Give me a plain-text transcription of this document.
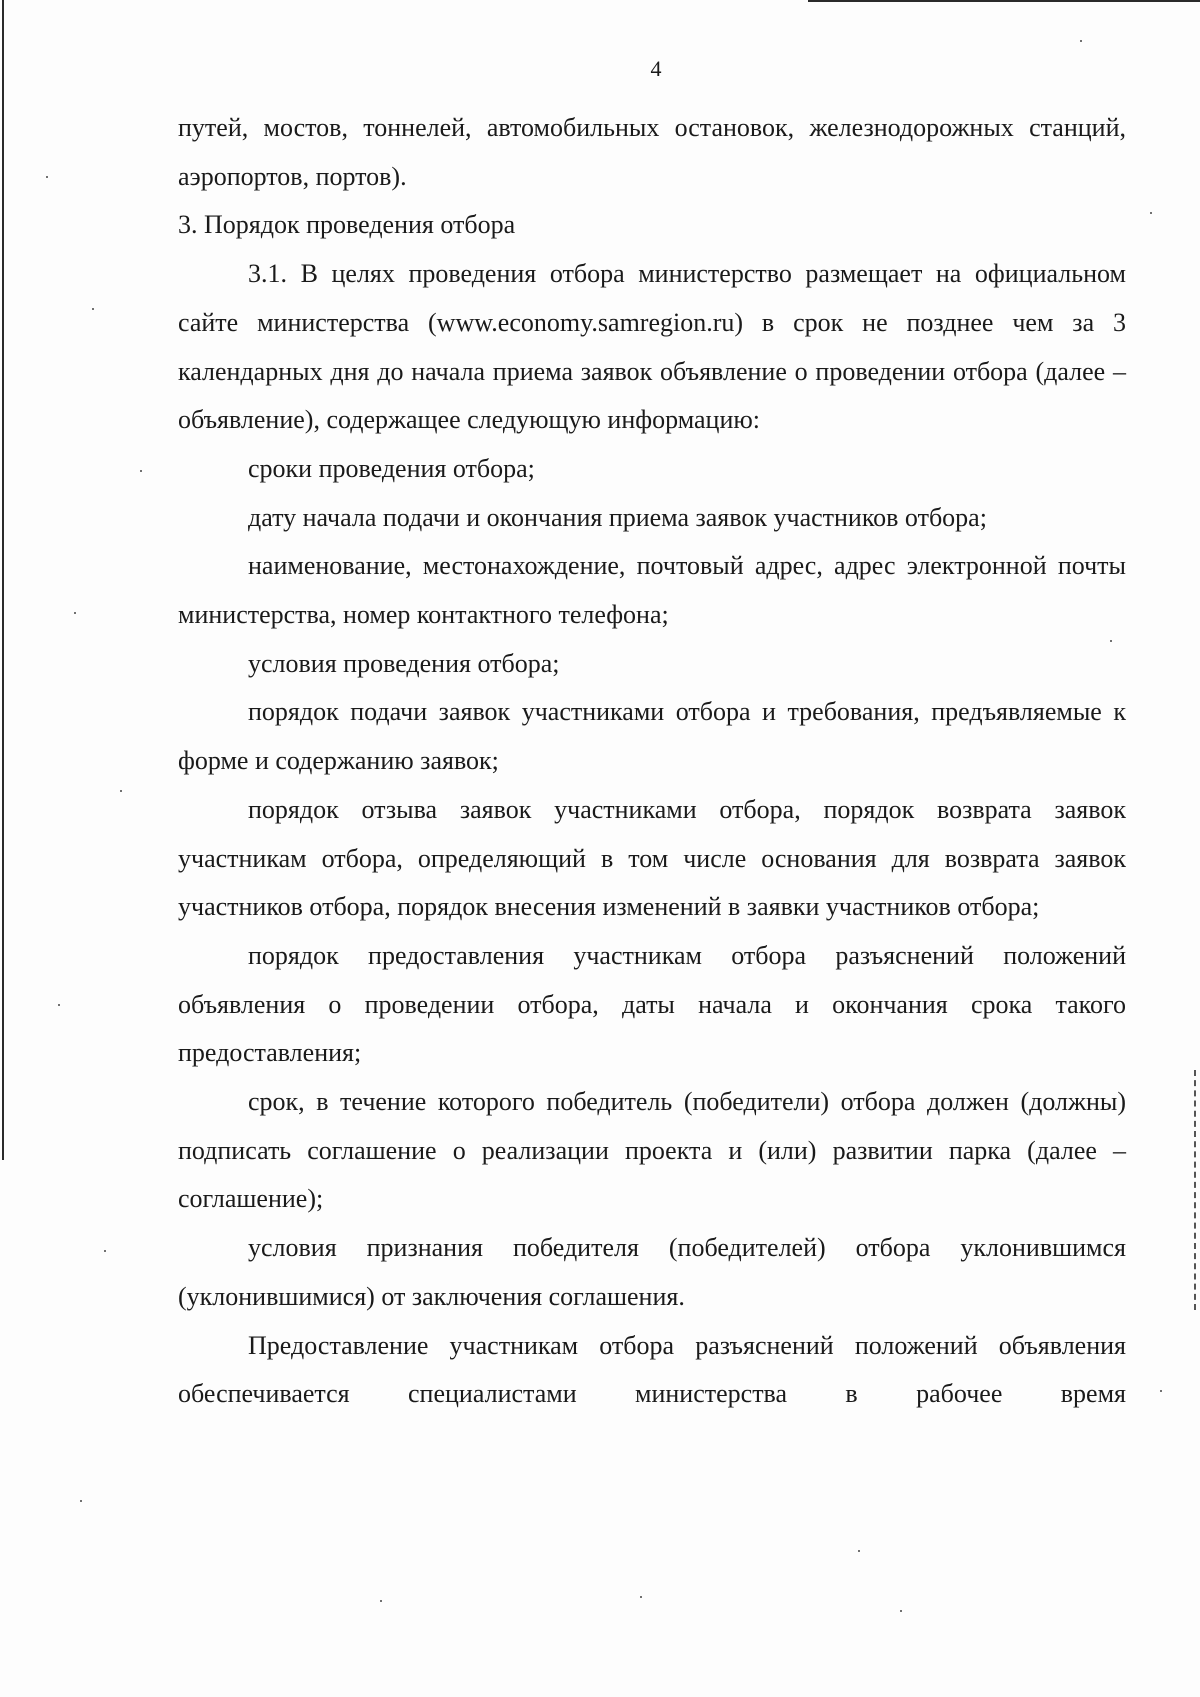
4

путей, мостов, тоннелей, автомобильных остановок, железнодорожных станций, аэропортов, портов).

3. Порядок проведения отбора

3.1. В целях проведения отбора министерство размещает на официальном сайте министерства (www.economy.samregion.ru) в срок не позднее чем за 3 календарных дня до начала приема заявок объявление о проведении отбора (далее – объявление), содержащее следующую информацию:

сроки проведения отбора;

дату начала подачи и окончания приема заявок участников отбора;

наименование, местонахождение, почтовый адрес, адрес электронной почты министерства, номер контактного телефона;

условия проведения отбора;

порядок подачи заявок участниками отбора и требования, предъявляемые к форме и содержанию заявок;

порядок отзыва заявок участниками отбора, порядок возврата заявок участникам отбора, определяющий в том числе основания для возврата заявок участников отбора, порядок внесения изменений в заявки участников отбора;

порядок предоставления участникам отбора разъяснений положений объявления о проведении отбора, даты начала и окончания срока такого предоставления;

срок, в течение которого победитель (победители) отбора должен (должны) подписать соглашение о реализации проекта и (или) развитии парка (далее – соглашение);

условия признания победителя (победителей) отбора уклонившимся (уклонившимися) от заключения соглашения.

Предоставление участникам отбора разъяснений положений объявления обеспечивается специалистами министерства в рабочее время
